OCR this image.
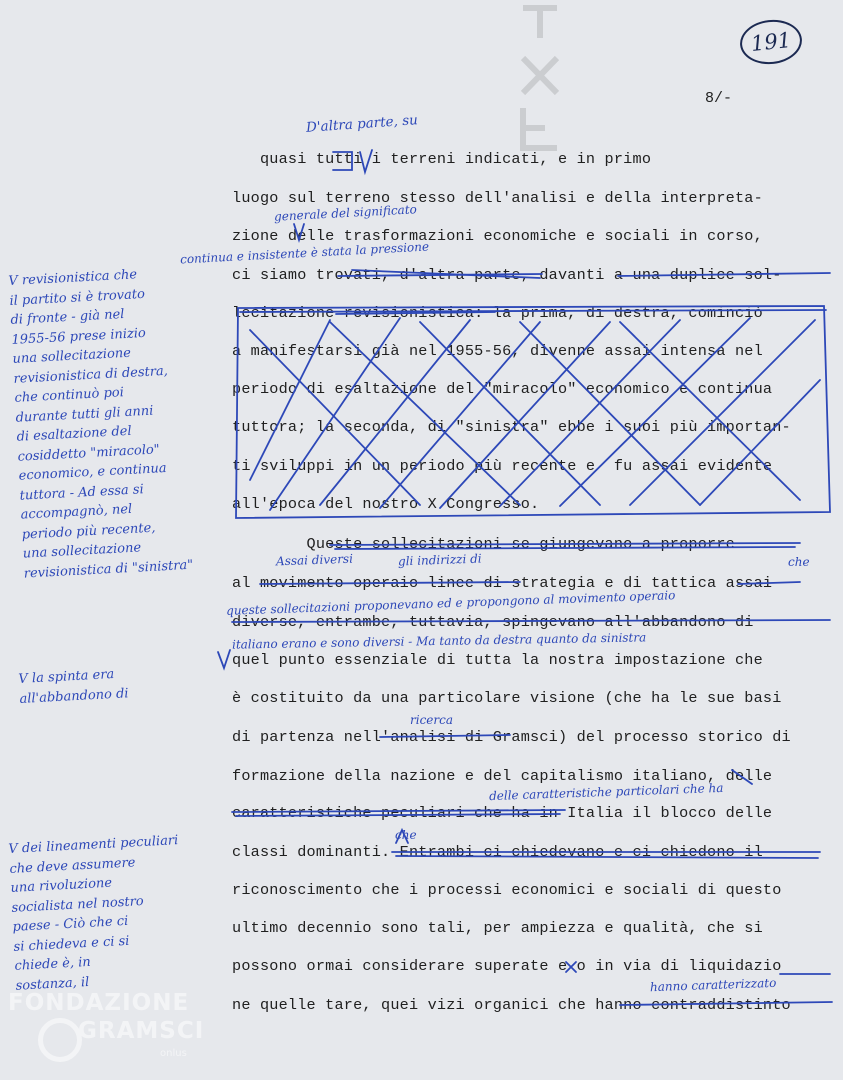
191
8/-
quasi tutti i terreni indicati, e in primo
luogo sul terreno stesso dell'analisi e della interpreta-
zione delle trasformazioni economiche e sociali in corso,
ci siamo trovati, d'altra parte, davanti a una duplice sol-
lecitazione revisionistica: la prima, di destra, cominciò
a manifestarsi già nel 1955-56, divenne assai intensa nel
periodo di esaltazione del "miracolo" economico e continua
tuttora; la seconda, di "sinistra" ebbe i suoi più importan-
ti sviluppi in un periodo più recente e  fu assai evidente
all'epoca del nostro X Congresso.
Queste sollecitazioni se giungevano a proporre
al movimento operaio linee di strategia e di tattica assai
diverse, entrambe, tuttavia, spingevano all'abbandono di
quel punto essenziale di tutta la nostra impostazione che
è costituito da una particolare visione (che ha le sue basi
di partenza nell'analisi di Gramsci) del processo storico di
formazione della nazione e del capitalismo italiano, delle
caratteristiche peculiari che ha in Italia il blocco delle
classi dominanti. Entrambi ci chiedevano e ci chiedono il
riconoscimento che i processi economici e sociali di questo
ultimo decennio sono tali, per ampiezza e qualità, che si
possono ormai considerare superate e o in via di liquidazio
ne quelle tare, quei vizi organici che hanno contraddistinto
D'altra parte, su
generale del significato
continua e insistente è stata la pressione
Assai diversi	gli indirizzi di	che
queste sollecitazioni proponevano ed e propongono al movimento operaio
italiano erano e sono diversi - Ma tanto da destra quanto da sinistra
ricerca
delle caratteristiche particolari che ha
che
hanno caratterizzato
V revisionistica che
il partito si è trovato
di fronte - già nel
1955-56 prese inizio
una sollecitazione
revisionistica di destra,
che continuò poi
durante tutti gli anni
di esaltazione del
cosiddetto "miracolo"
economico, e continua
tuttora - Ad essa si
accompagnò, nel
periodo più recente,
una sollecitazione
revisionistica di "sinistra"
V la spinta era
all'abbandono di
V dei lineamenti peculiari
che deve assumere
una rivoluzione
socialista nel nostro
paese - Ciò che ci
si chiedeva e ci si
chiede è, in
sostanza, il
FONDAZIONE
GRAMSCI
onlus
